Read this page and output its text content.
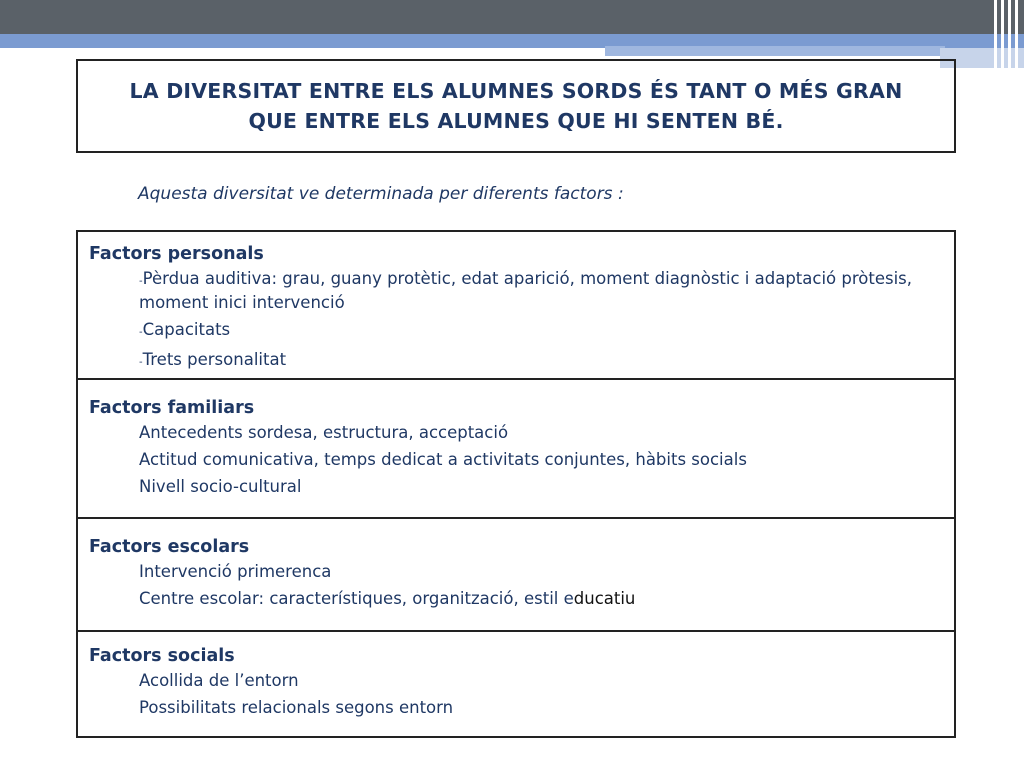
LA DIVERSITAT ENTRE ELS ALUMNES SORDS ÉS TANT O MÉS GRAN
QUE ENTRE ELS ALUMNES QUE HI SENTEN BÉ.
Aquesta diversitat ve determinada per diferents factors :
Factors personals
-Pèrdua auditiva: grau, guany protètic, edat aparició, moment diagnòstic i adaptació pròtesis, moment inici intervenció
-Capacitats
-Trets personalitat
Factors familiars
Antecedents sordesa, estructura, acceptació
Actitud comunicativa, temps dedicat a activitats conjuntes, hàbits socials
Nivell socio-cultural
Factors escolars
Intervenció primerenca
Centre escolar: característiques, organització, estil educatiu
Factors socials
Acollida de l’entorn
Possibilitats relacionals segons entorn
